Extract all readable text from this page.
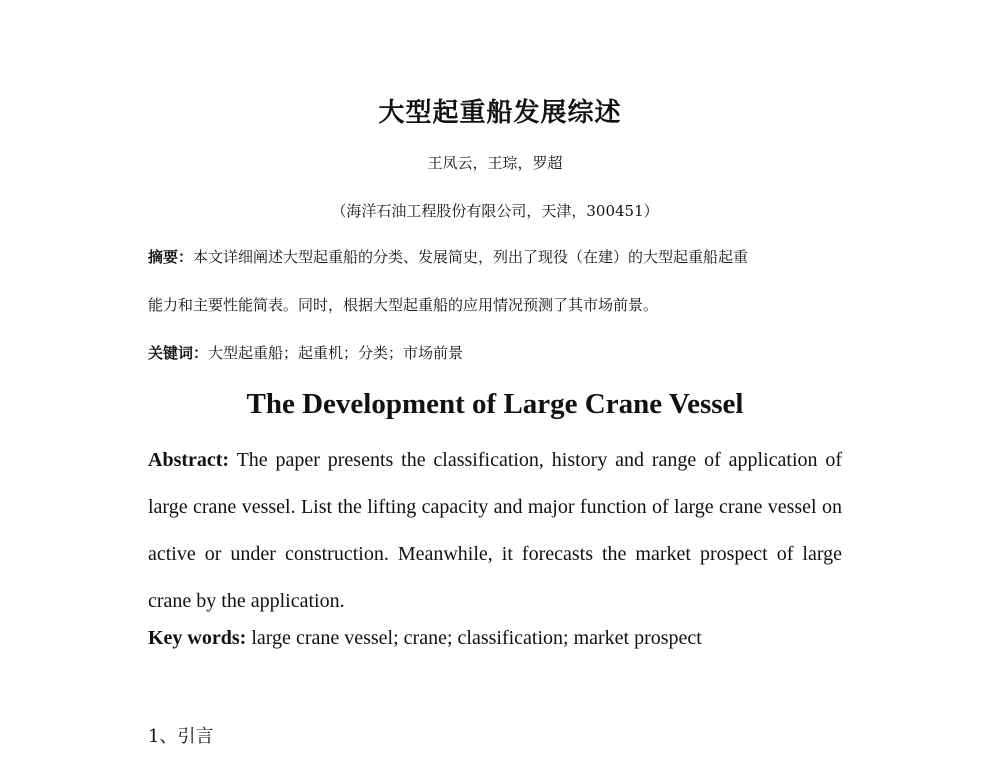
大型起重船发展综述
王凤云，王琮，罗超
（海洋石油工程股份有限公司，天津，300451）
摘要：本文详细阐述大型起重船的分类、发展简史，列出了现役（在建）的大型起重船起重
能力和主要性能简表。同时，根据大型起重船的应用情况预测了其市场前景。
关键词：大型起重船；起重机；分类；市场前景
The Development of Large Crane Vessel
Abstract: The paper presents the classification, history and range of application of large crane vessel. List the lifting capacity and major function of large crane vessel on active or under construction. Meanwhile, it forecasts the market prospect of large crane by the application.
Key words: large crane vessel; crane; classification; market prospect
1、引言
